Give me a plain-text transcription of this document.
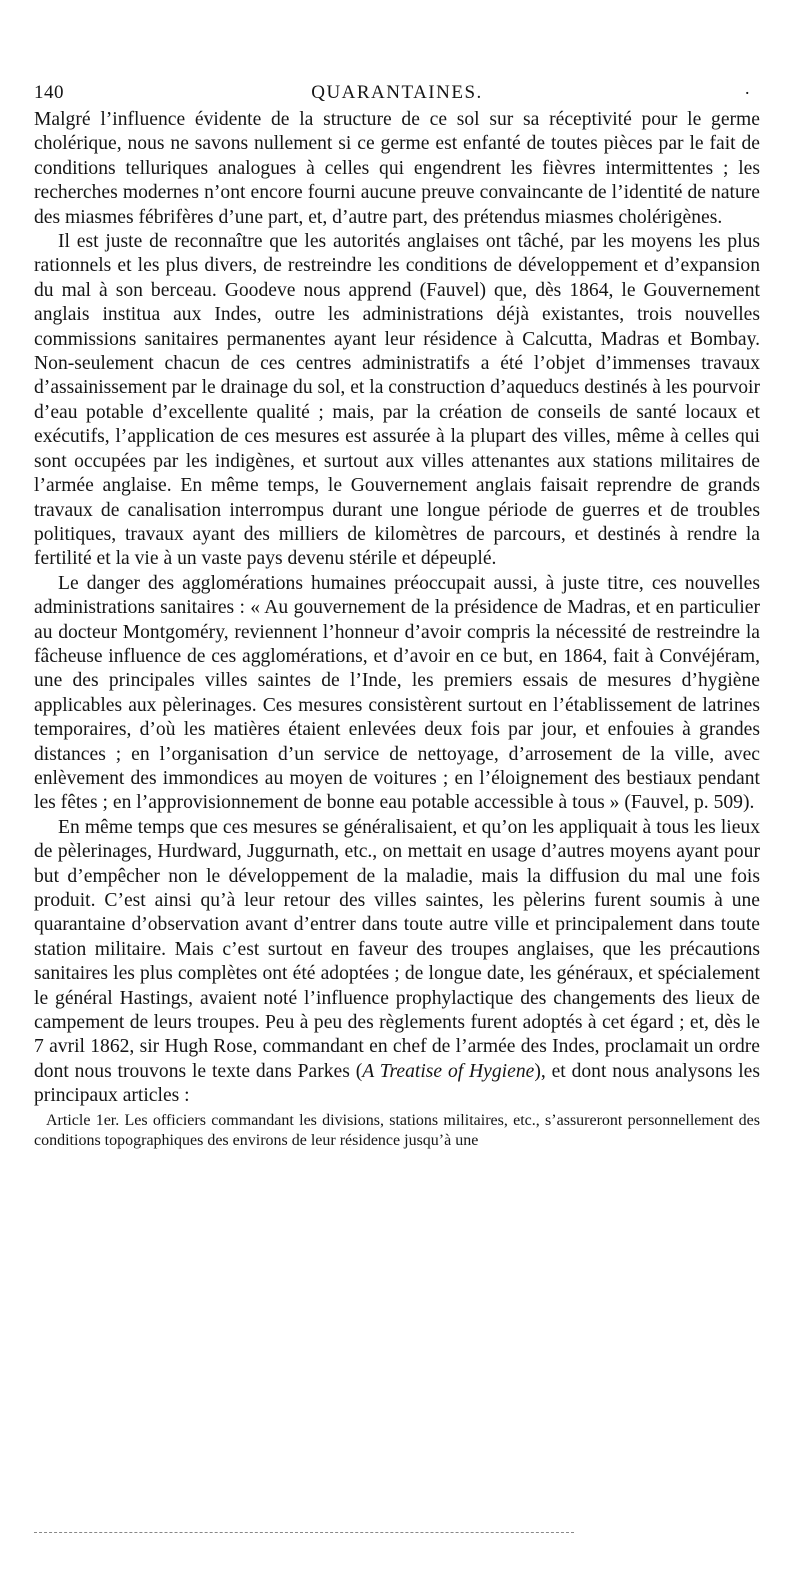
140	QUARANTAINES.	.

Malgré l’influence évidente de la structure de ce sol sur sa réceptivité pour le germe cholérique, nous ne savons nullement si ce germe est enfanté de toutes pièces par le fait de conditions telluriques analogues à celles qui engendrent les fièvres intermittentes ; les recherches modernes n’ont encore fourni aucune preuve convaincante de l’identité de nature des miasmes fébrifères d’une part, et, d’autre part, des prétendus miasmes cholérigènes.

Il est juste de reconnaître que les autorités anglaises ont tâché, par les moyens les plus rationnels et les plus divers, de restreindre les conditions de développement et d’expansion du mal à son berceau. Goodeve nous apprend (Fauvel) que, dès 1864, le Gouvernement anglais institua aux Indes, outre les administrations déjà existantes, trois nouvelles commissions sanitaires permanentes ayant leur résidence à Calcutta, Madras et Bombay. Non-seulement chacun de ces centres administratifs a été l’objet d’immenses travaux d’assainissement par le drainage du sol, et la construction d’aqueducs destinés à les pourvoir d’eau potable d’excellente qualité ; mais, par la création de conseils de santé locaux et exécutifs, l’application de ces mesures est assurée à la plupart des villes, même à celles qui sont occupées par les indigènes, et surtout aux villes attenantes aux stations militaires de l’armée anglaise. En même temps, le Gouvernement anglais faisait reprendre de grands travaux de canalisation interrompus durant une longue période de guerres et de troubles politiques, travaux ayant des milliers de kilomètres de parcours, et destinés à rendre la fertilité et la vie à un vaste pays devenu stérile et dépeuplé.

Le danger des agglomérations humaines préoccupait aussi, à juste titre, ces nouvelles administrations sanitaires : « Au gouvernement de la présidence de Madras, et en particulier au docteur Montgoméry, reviennent l’honneur d’avoir compris la nécessité de restreindre la fâcheuse influence de ces agglomérations, et d’avoir en ce but, en 1864, fait à Convéjéram, une des principales villes saintes de l’Inde, les premiers essais de mesures d’hygiène applicables aux pèlerinages. Ces mesures consistèrent surtout en l’établissement de latrines temporaires, d’où les matières étaient enlevées deux fois par jour, et enfouies à grandes distances ; en l’organisation d’un service de nettoyage, d’arrosement de la ville, avec enlèvement des immondices au moyen de voitures ; en l’éloignement des bestiaux pendant les fêtes ; en l’approvisionnement de bonne eau potable accessible à tous » (Fauvel, p. 509).

En même temps que ces mesures se généralisaient, et qu’on les appliquait à tous les lieux de pèlerinages, Hurdward, Juggurnath, etc., on mettait en usage d’autres moyens ayant pour but d’empêcher non le développement de la maladie, mais la diffusion du mal une fois produit. C’est ainsi qu’à leur retour des villes saintes, les pèlerins furent soumis à une quarantaine d’observation avant d’entrer dans toute autre ville et principalement dans toute station militaire. Mais c’est surtout en faveur des troupes anglaises, que les précautions sanitaires les plus complètes ont été adoptées ; de longue date, les généraux, et spécialement le général Hastings, avaient noté l’influence prophylactique des changements des lieux de campement de leurs troupes. Peu à peu des règlements furent adoptés à cet égard ; et, dès le 7 avril 1862, sir Hugh Rose, commandant en chef de l’armée des Indes, proclamait un ordre dont nous trouvons le texte dans Parkes (A Treatise of Hygiene), et dont nous analysons les principaux articles :

Article 1er. Les officiers commandant les divisions, stations militaires, etc., s’assureront personnellement des conditions topographiques des environs de leur résidence jusqu’à une
